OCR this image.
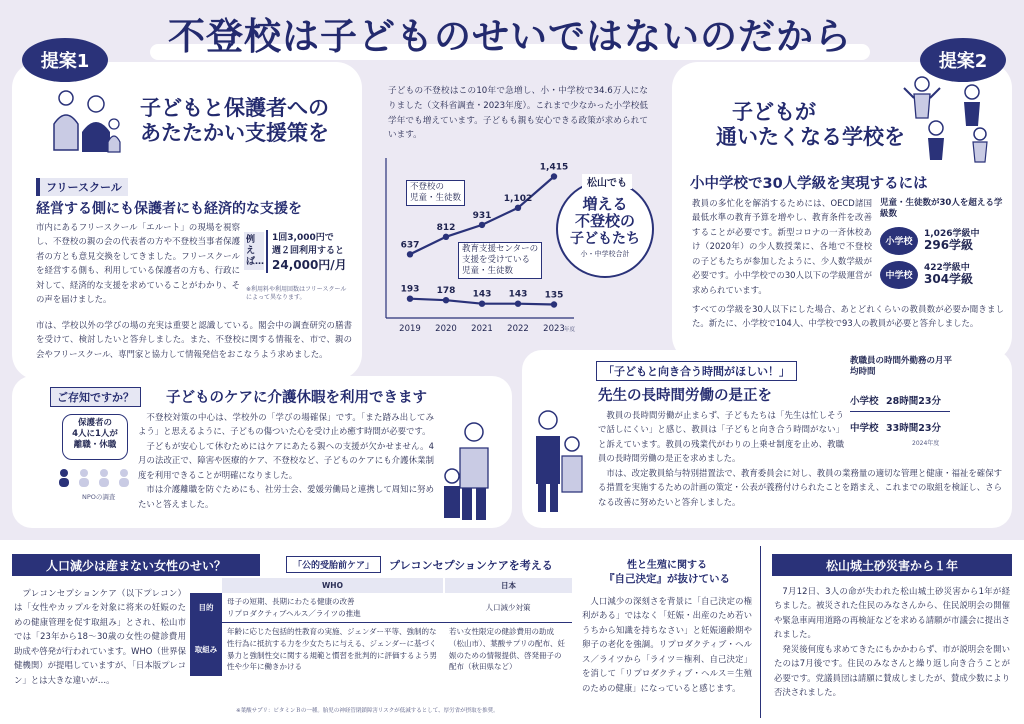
不登校は子どものせいではないのだから
提案1	提案2
子どもと保護者への
あたたかい支援策を
フリースクール
経営する側にも保護者にも経済的な支援を
市内にあるフリースクール「エルート」の現場を視察し、不登校の親の会の代表者の方や不登校当事者保護者の方とも意見交換をしてきました。フリースクールを経営する側も、利用している保護者の方も、行政に対して、経済的な支援を求めていることがわかり、その声を届けました。
例えば…
1回3,000円で
週２回利用すると
24,000円/月
※利用料や利用回数はフリースクールによって異なります。
市は、学校以外の学びの場の充実は重要と認識している。閣会中の調査研究の膳書を受けて、検討したいと答弁しました。また、不登校に関する情報を、市で、親の会やフリースクール、専門家と協力して情報発信をおこなうよう求めました。
子どもの不登校はこの10年で急増し、小・中学校で34.6万人になりました（文科省調査・2023年度）。これまで少なかった小学校低学年でも増えています。子どもも親も安心できる政策が求められています。
637
812
931
1,102
1,415
193 178 143 143 135
2019 2020 2021 2022 2023 年度
不登校の
児童・生徒数
教育支援センターの
支援を受けている
児童・生徒数
松山でも
増える
不登校の
子どもたち
小・中学校合計
子どもが
通いたくなる学校を
小中学校で30人学級を実現するには
教員の多忙化を解消するためには、OECD諸国最低水準の教育予算を増やし、教育条件を改善することが必要です。新型コロナの一斉休校あけ（2020年）の少人数授業に、各地で不登校の子どもたちが参加したように、少人数学級が必要です。小中学校での30人以下の学級運営が求められています。
すべての学級を30人以下にした場合、あとどれくらいの教員数が必要か聞きました。新たに、小学校で104人、中学校で93人の教員が必要と答弁しました。
児童・生徒数が30人を超える学級数
小学校
1,026学級中
296学級
中学校
422学級中
304学級
ご存知ですか？	子どものケアに介護休暇を利用できます
保護者の
4人に1人が
離職・休職
NPOの調査

不登校対策の中心は、学校外の「学びの場確保」です。「また踏み出してみよう」と思えるように、子どもの傷ついた心を受け止め癒す時間が必要です。

子どもが安心して休むためにはケアにあたる親への支援が欠かせません。4月の法改正で、障害や医療的ケア、不登校など、子どものケアにも介護休業制度を利用できることが明確になりました。

市は介護離職を防ぐためにも、社労士会、愛媛労働局と連携して周知に努めたいと答えました。

「子どもと向き合う時間がほしい！」
先生の長時間労働の是正を
教職員の時間外勤務の月平均時間
小学校 28時間23分
中学校 33時間23分
2024年度
教員の長時間労働が止まらず、子どもたちは「先生は忙しそうで話しにくい」と感じ、教員は「子どもと向き合う時間がない」と訴えています。教員の残業代がわりの上乗せ制度を止め、教職員の長時間労働の是正を求めました。
市は、改定教員給与特別措置法で、教育委員会に対し、教員の業務量の適切な管理と健康・福祉を確保する措置を実施するための計画の策定・公表が義務付けられたことを踏まえ、これまでの取組を検証し、さらなる改善に努めたいと答弁しました。
人口減少は産まない女性のせい？
プレコンセプションケア（以下プレコン）は「女性やカップルを対象に将来の妊娠のための健康管理を促す取組み」とされ、松山市では「23年から18～30歳の女性の健診費用助成や啓発が行われています。WHO（世界保健機関）が提唱していますが、「日本版プレコン」とは大きな違いが…。
「公的受胎前ケア」	プレコンセプションケアを考える
	WHO	日本
目的	母子の短期、長期にわたる健康の改善
リプロダクティブヘルス／ライツの推進	人口減少対策
取組み	年齢に応じた包括的性教育の実施、ジェンダー平等、強制的な性行為に抵抗する力を少女たちに与える、ジェンダーに基づく暴力と強制性交に関する規範と慣習を批判的に評価するよう男性や少年に働きかける	若い女性限定の健診費用の助成（松山市）、葉酸サプリの配布、妊娠のための情報提供、啓発冊子の配布（秋田県など）
※葉酸サプリ：ビタミンＢの一種。胎児の神経管閉鎖障害リスクが低減するとして、厚労省が摂取を推奨。
性と生殖に関する
『自己決定』が抜けている
人口減少の深刻さを背景に「自己決定の権利がある」ではなく「妊娠・出産のため若いうちから知識を持ちなさい」と妊娠適齢期や卵子の老化を強調。リプロダクティブ・ヘルス／ライツから「ライツ＝権利、自己決定」を消して「リプロダクティブ・ヘルス＝生殖のための健康」になっていると感じます。
松山城土砂災害から１年

7月12日、3人の命が失われた松山城土砂災害から1年が経ちました。被災された住民のみなさんから、住民説明会の開催や緊急車両用道路の再検証などを求める請願が市議会に提出されました。

発災後何度も求めてきたにもかかわらず、市が説明会を開いたのは7月後です。住民のみなさんと繰り返し向き合うことが必要です。党議員団は請願に賛成しましたが、賛成少数により否決されました。
